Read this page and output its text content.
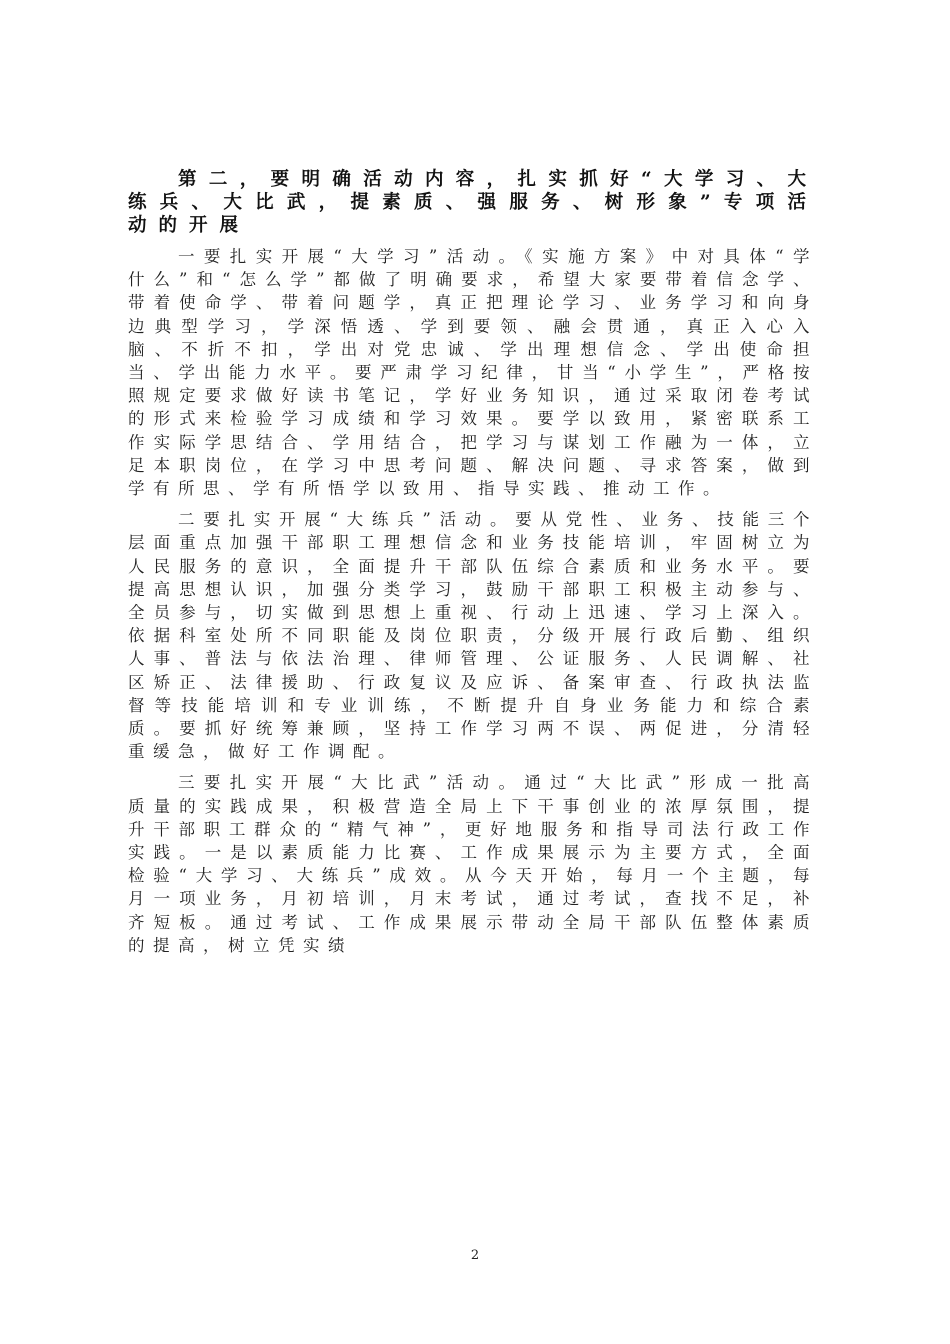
第二，要明确活动内容，扎实抓好“大学习、大练兵、大比武，提素质、强服务、树形象”专项活动的开展

一要扎实开展“大学习”活动。《实施方案》中对具体“学什么”和“怎么学”都做了明确要求，希望大家要带着信念学、带着使命学、带着问题学，真正把理论学习、业务学习和向身边典型学习，学深悟透、学到要领、融会贯通，真正入心入脑、不折不扣，学出对党忠诚、学出理想信念、学出使命担当、学出能力水平。要严肃学习纪律，甘当“小学生”，严格按照规定要求做好读书笔记，学好业务知识，通过采取闭卷考试的形式来检验学习成绩和学习效果。要学以致用，紧密联系工作实际学思结合、学用结合，把学习与谋划工作融为一体，立足本职岗位，在学习中思考问题、解决问题、寻求答案，做到学有所思、学有所悟学以致用、指导实践、推动工作。

二要扎实开展“大练兵”活动。要从党性、业务、技能三个层面重点加强干部职工理想信念和业务技能培训，牢固树立为人民服务的意识，全面提升干部队伍综合素质和业务水平。要提高思想认识，加强分类学习，鼓励干部职工积极主动参与、全员参与，切实做到思想上重视、行动上迅速、学习上深入。依据科室处所不同职能及岗位职责，分级开展行政后勤、组织人事、普法与依法治理、律师管理、公证服务、人民调解、社区矫正、法律援助、行政复议及应诉、备案审查、行政执法监督等技能培训和专业训练，不断提升自身业务能力和综合素质。要抓好统筹兼顾，坚持工作学习两不误、两促进，分清轻重缓急，做好工作调配。

三要扎实开展“大比武”活动。通过“大比武”形成一批高质量的实践成果，积极营造全局上下干事创业的浓厚氛围，提升干部职工群众的“精气神”，更好地服务和指导司法行政工作实践。一是以素质能力比赛、工作成果展示为主要方式，全面检验“大学习、大练兵”成效。从今天开始，每月一个主题，每月一项业务，月初培训，月末考试，通过考试，查找不足，补齐短板。通过考试、工作成果展示带动全局干部队伍整体素质的提高，树立凭实绩

2
